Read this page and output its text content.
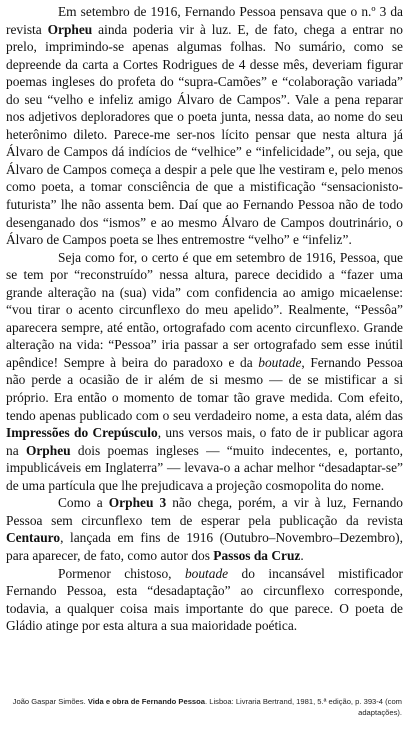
Em setembro de 1916, Fernando Pessoa pensava que o n.º 3 da revista Orpheu ainda poderia vir à luz. E, de fato, chega a entrar no prelo, imprimindo-se apenas algumas folhas. No sumário, como se depreende da carta a Cortes Rodrigues de 4 desse mês, deveriam figurar poemas ingleses do profeta do “supra-Camões” e “colaboração variada” do seu “velho e infeliz amigo Álvaro de Campos”. Vale a pena reparar nos adjetivos deploradores que o poeta junta, nessa data, ao nome do seu heterônimo dileto. Parece-me ser-nos lícito pensar que nesta altura já Álvaro de Campos dá indícios de “velhice” e “infelicidade”, ou seja, que Álvaro de Campos começa a despir a pele que lhe vestiram e, pelo menos como poeta, a tomar consciência de que a mistificação “sensacionisto-futurista” lhe não assenta bem. Daí que ao Fernando Pessoa não de todo desenganado dos “ismos” e ao mesmo Álvaro de Campos doutrinário, o Álvaro de Campos poeta se lhes entremostre “velho” e “infeliz”.

Seja como for, o certo é que em setembro de 1916, Pessoa, que se tem por “reconstruído” nessa altura, parece decidido a “fazer uma grande alteração na (sua) vida” com confidencia ao amigo micaelense: “vou tirar o acento circunflexo do meu apelido”. Realmente, “Pessôa” aparecera sempre, até então, ortografado com acento circunflexo. Grande alteração na vida: “Pessoa” iria passar a ser ortografado sem esse inútil apêndice! Sempre à beira do paradoxo e da boutade, Fernando Pessoa não perde a ocasião de ir além de si mesmo — de se mistificar a si próprio. Era então o momento de tomar tão grave medida. Com efeito, tendo apenas publicado com o seu verdadeiro nome, a esta data, além das Impressões do Crepúsculo, uns versos mais, o fato de ir publicar agora na Orpheu dois poemas ingleses — “muito indecentes, e, portanto, impublicáveis em Inglaterra” — levava-o a achar melhor “desadaptar-se” de uma partícula que lhe prejudicava a projeção cosmopolita do nome.

Como a Orpheu 3 não chega, porém, a vir à luz, Fernando Pessoa sem circunflexo tem de esperar pela publicação da revista Centauro, lançada em fins de 1916 (Outubro–Novembro–Dezembro), para aparecer, de fato, como autor dos Passos da Cruz.

Pormenor chistoso, boutade do incansável mistificador Fernando Pessoa, esta “desadaptação” ao circunflexo corresponde, todavia, a qualquer coisa mais importante do que parece. O poeta de Gládio atinge por esta altura a sua maioridade poética.

João Gaspar Simões. Vida e obra de Fernando Pessoa. Lisboa: Livraria Bertrand, 1981, 5.ª edição, p. 393-4 (com adaptações).
